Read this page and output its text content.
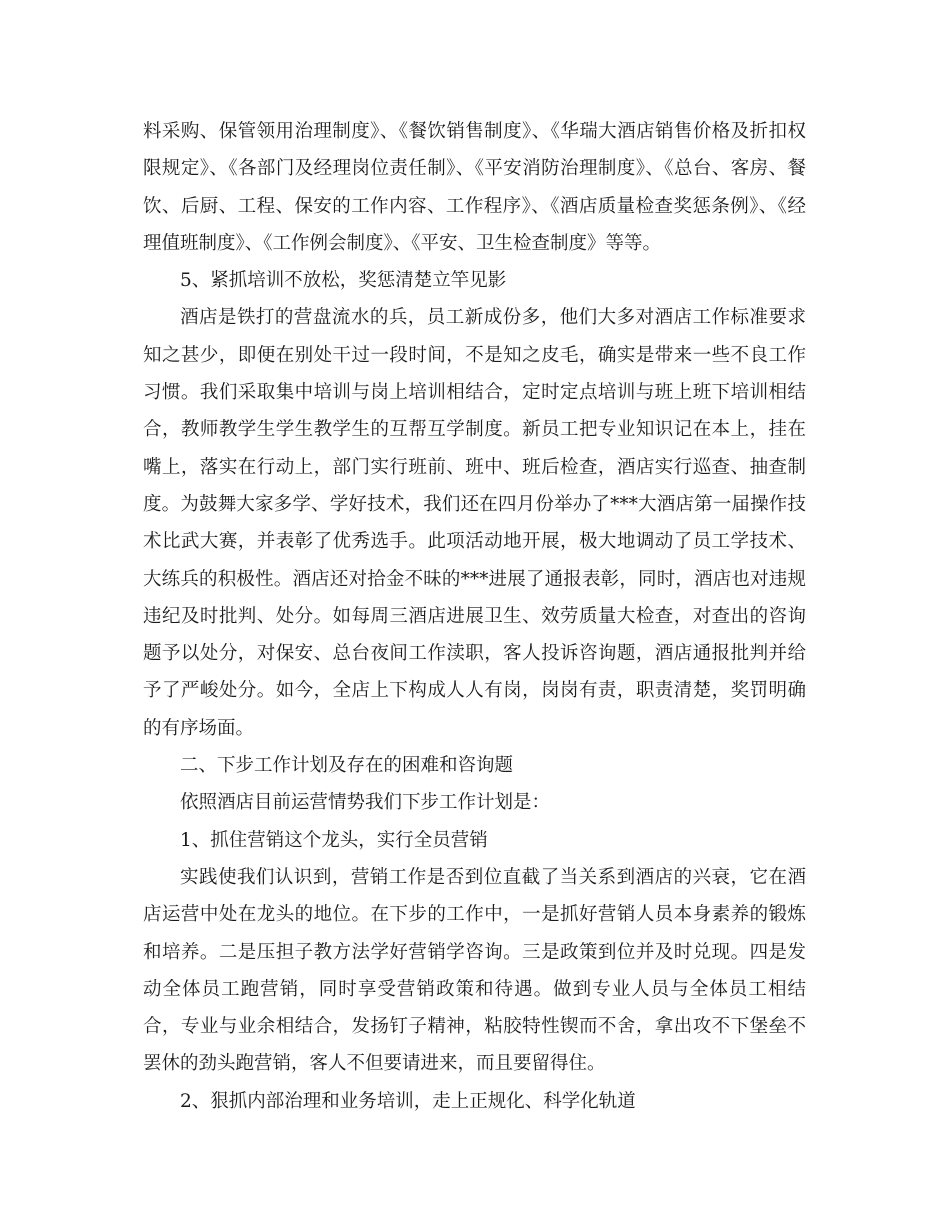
料采购、保管领用治理制度》、《餐饮销售制度》、《华瑞大酒店销售价格及折扣权限规定》、《各部门及经理岗位责任制》、《平安消防治理制度》、《总台、客房、餐饮、后厨、工程、保安的工作内容、工作程序》、《酒店质量检查奖惩条例》、《经理值班制度》、《工作例会制度》、《平安、卫生检查制度》等等。

5、紧抓培训不放松，奖惩清楚立竿见影

酒店是铁打的营盘流水的兵，员工新成份多，他们大多对酒店工作标准要求知之甚少，即便在别处干过一段时间，不是知之皮毛，确实是带来一些不良工作习惯。我们采取集中培训与岗上培训相结合，定时定点培训与班上班下培训相结合，教师教学生学生教学生的互帮互学制度。新员工把专业知识记在本上，挂在嘴上，落实在行动上，部门实行班前、班中、班后检查，酒店实行巡查、抽查制度。为鼓舞大家多学、学好技术，我们还在四月份举办了***大酒店第一届操作技术比武大赛，并表彰了优秀选手。此项活动地开展，极大地调动了员工学技术、大练兵的积极性。酒店还对拾金不昧的***进展了通报表彰，同时，酒店也对违规违纪及时批判、处分。如每周三酒店进展卫生、效劳质量大检查，对查出的咨询题予以处分，对保安、总台夜间工作渎职，客人投诉咨询题，酒店通报批判并给予了严峻处分。如今，全店上下构成人人有岗，岗岗有责，职责清楚，奖罚明确的有序场面。

二、下步工作计划及存在的困难和咨询题

依照酒店目前运营情势我们下步工作计划是：

1、抓住营销这个龙头，实行全员营销

实践使我们认识到，营销工作是否到位直截了当关系到酒店的兴衰，它在酒店运营中处在龙头的地位。在下步的工作中，一是抓好营销人员本身素养的锻炼和培养。二是压担子教方法学好营销学咨询。三是政策到位并及时兑现。四是发动全体员工跑营销，同时享受营销政策和待遇。做到专业人员与全体员工相结合，专业与业余相结合，发扬钉子精神，粘胶特性锲而不舍，拿出攻不下堡垒不罢休的劲头跑营销，客人不但要请进来，而且要留得住。

2、狠抓内部治理和业务培训，走上正规化、科学化轨道
